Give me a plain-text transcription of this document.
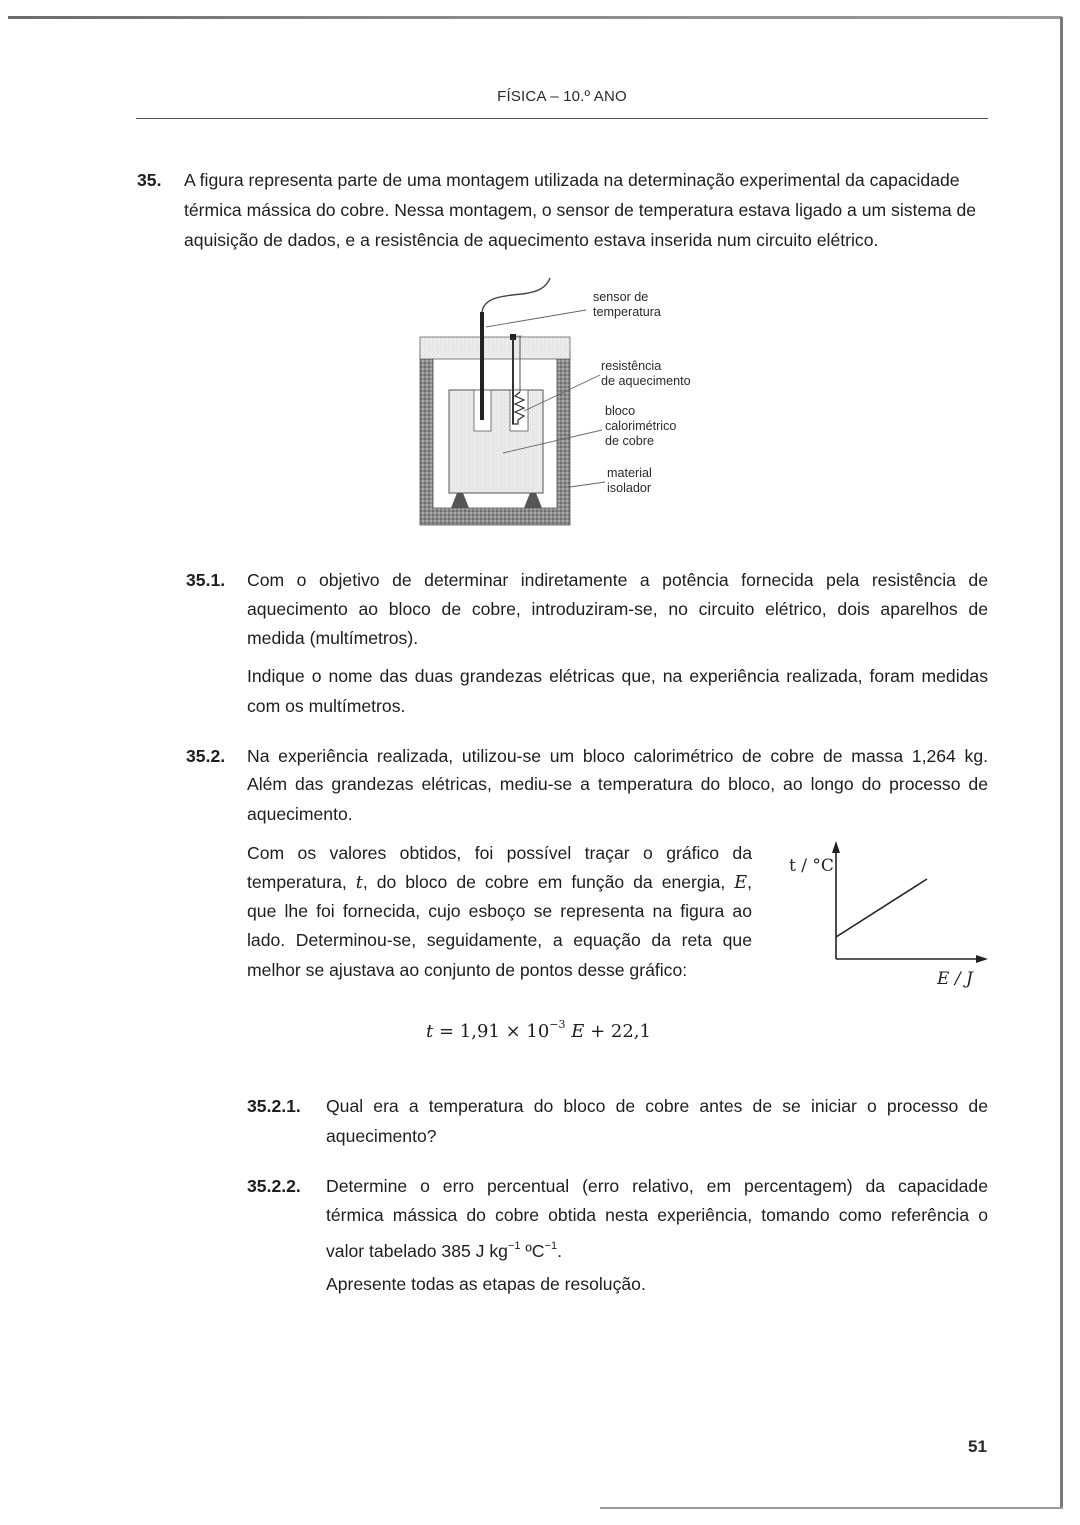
FÍSICA – 10.º ANO
35. A figura representa parte de uma montagem utilizada na determinação experimental da capacidade
térmica mássica do cobre. Nessa montagem, o sensor de temperatura estava ligado a um sistema de
aquisição de dados, e a resistência de aquecimento estava inserida num circuito elétrico.
sensor de
temperatura
resistência
de aquecimento
bloco
calorimétrico
de cobre
material
isolador
35.1. Com o objetivo de determinar indiretamente a potência fornecida pela resistência de
aquecimento ao bloco de cobre, introduziram-se, no circuito elétrico, dois aparelhos de
medida (multímetros).
Indique o nome das duas grandezas elétricas que, na experiência realizada, foram medidas
com os multímetros.
35.2. Na experiência realizada, utilizou-se um bloco calorimétrico de cobre de massa 1,264 kg.
Além das grandezas elétricas, mediu-se a temperatura do bloco, ao longo do processo de
aquecimento.
Com os valores obtidos, foi possível traçar o gráfico da
temperatura, t, do bloco de cobre em função da energia, E,
que lhe foi fornecida, cujo esboço se representa na figura ao
lado. Determinou-se, seguidamente, a equação da reta que
melhor se ajustava ao conjunto de pontos desse gráfico:
t / °C
E / J
$t = 1,91 \times 10^{-3}$ E + 22,1
35.2.1. Qual era a temperatura do bloco de cobre antes de se iniciar o processo de
aquecimento?
35.2.2. Determine o erro percentual (erro relativo, em percentagem) da capacidade
térmica mássica do cobre obtida nesta experiência, tomando como referência o
valor tabelado 385 J $kg^{-1}$ ºC$^{-1}$.
Apresente todas as etapas de resolução.
51
